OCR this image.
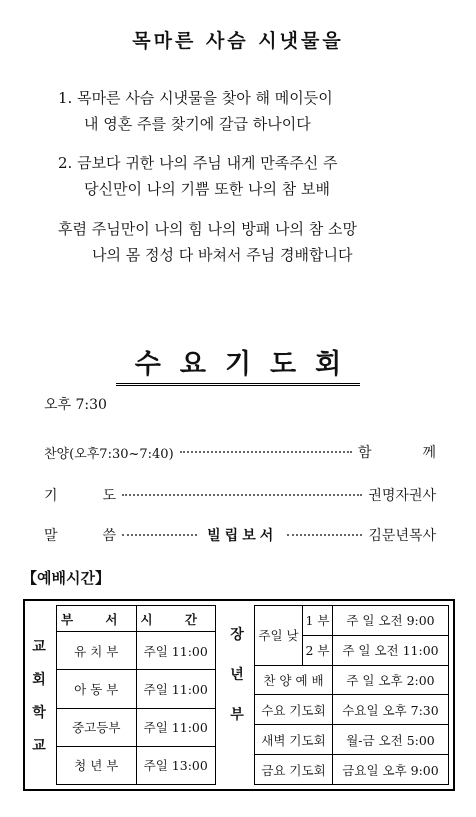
목마른 사슴 시냇물을
1. 목마른 사슴 시냇물을 찾아 해 메이듯이
내 영혼 주를 찾기에 갈급 하나이다
2. 금보다 귀한 나의 주님 내게 만족주신 주
당신만이 나의 기쁨 또한 나의 참 보배
후렴 주님만이 나의 힘 나의 방패 나의 참 소망
나의 몸 정성 다 바쳐서 주님 경배합니다
수요기도회
오후 7:30
찬양(오후7:30~7:40)	함	께
기	도	권명자권사
말	씀	빌립보서	김문년목사
【예배시간】
교
회
학
교
부 서	시 간
유 치 부	주일 11:00
아 동 부	주일 11:00
중고등부	주일 11:00
청 년 부	주일 13:00
장
년
부
주일 낮	1 부	주 일 오전 9:00
	2 부	주 일 오전 11:00
찬 양 예 배		주 일 오후 2:00
수요 기도회		수요일 오후 7:30
새벽 기도회		월-금 오전 5:00
금요 기도회		금요일 오후 9:00
